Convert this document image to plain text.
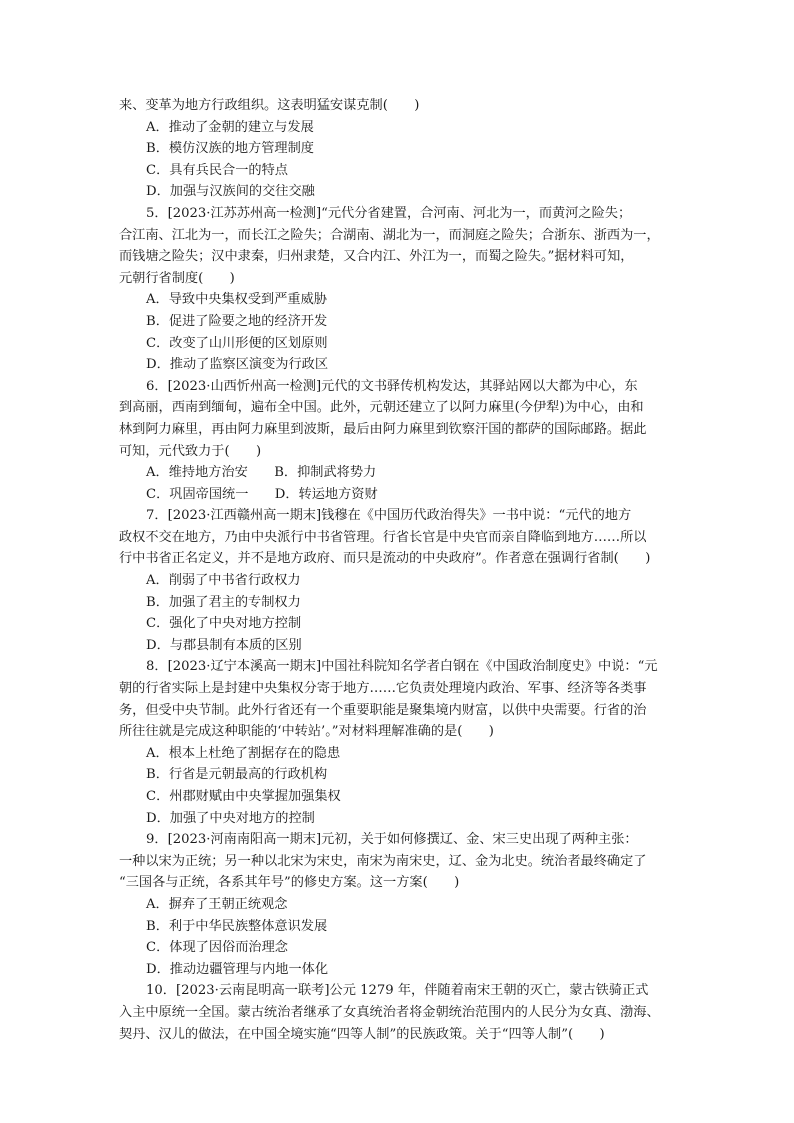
来、变革为地方行政组织。这表明猛安谋克制(　　)
A．推动了金朝的建立与发展
B．模仿汉族的地方管理制度
C．具有兵民合一的特点
D．加强与汉族间的交往交融
5．[2023·江苏苏州高一检测]“元代分省建置，合河南、河北为一，而黄河之险失；
合江南、江北为一，而长江之险失；合湖南、湖北为一，而洞庭之险失；合浙东、浙西为一，
而钱塘之险失；汉中隶秦，归州隶楚，又合内江、外江为一，而蜀之险失。”据材料可知，
元朝行省制度(　　)
A．导致中央集权受到严重威胁
B．促进了险要之地的经济开发
C．改变了山川形便的区划原则
D．推动了监察区演变为行政区
6．[2023·山西忻州高一检测]元代的文书驿传机构发达，其驿站网以大都为中心，东
到高丽，西南到缅甸，遍布全中国。此外，元朝还建立了以阿力麻里(今伊犁)为中心，由和
林到阿力麻里，再由阿力麻里到波斯，最后由阿力麻里到钦察汗国的都萨的国际邮路。据此
可知，元代致力于(　　)
A．维持地方治安　　B．抑制武将势力
C．巩固帝国统一　　D．转运地方资财
7．[2023·江西赣州高一期末]钱穆在《中国历代政治得失》一书中说：“元代的地方
政权不交在地方，乃由中央派行中书省管理。行省长官是中央官而亲自降临到地方……所以
行中书省正名定义，并不是地方政府、而只是流动的中央政府”。作者意在强调行省制(　　)
A．削弱了中书省行政权力
B．加强了君主的专制权力
C．强化了中央对地方控制
D．与郡县制有本质的区别
8．[2023·辽宁本溪高一期末]中国社科院知名学者白钢在《中国政治制度史》中说：“元
朝的行省实际上是封建中央集权分寄于地方……它负责处理境内政治、军事、经济等各类事
务，但受中央节制。此外行省还有一个重要职能是聚集境内财富，以供中央需要。行省的治
所往往就是完成这种职能的‘中转站’。”对材料理解准确的是(　　)
A．根本上杜绝了割据存在的隐患
B．行省是元朝最高的行政机构
C．州郡财赋由中央掌握加强集权
D．加强了中央对地方的控制
9．[2023·河南南阳高一期末]元初，关于如何修撰辽、金、宋三史出现了两种主张：
一种以宋为正统；另一种以北宋为宋史，南宋为南宋史，辽、金为北史。统治者最终确定了
“三国各与正统，各系其年号”的修史方案。这一方案(　　)
A．摒弃了王朝正统观念
B．利于中华民族整体意识发展
C．体现了因俗而治理念
D．推动边疆管理与内地一体化
10．[2023·云南昆明高一联考]公元 1279 年，伴随着南宋王朝的灭亡，蒙古铁骑正式
入主中原统一全国。蒙古统治者继承了女真统治者将金朝统治范围内的人民分为女真、渤海、
契丹、汉儿的做法，在中国全境实施“四等人制”的民族政策。关于“四等人制”(　　)
